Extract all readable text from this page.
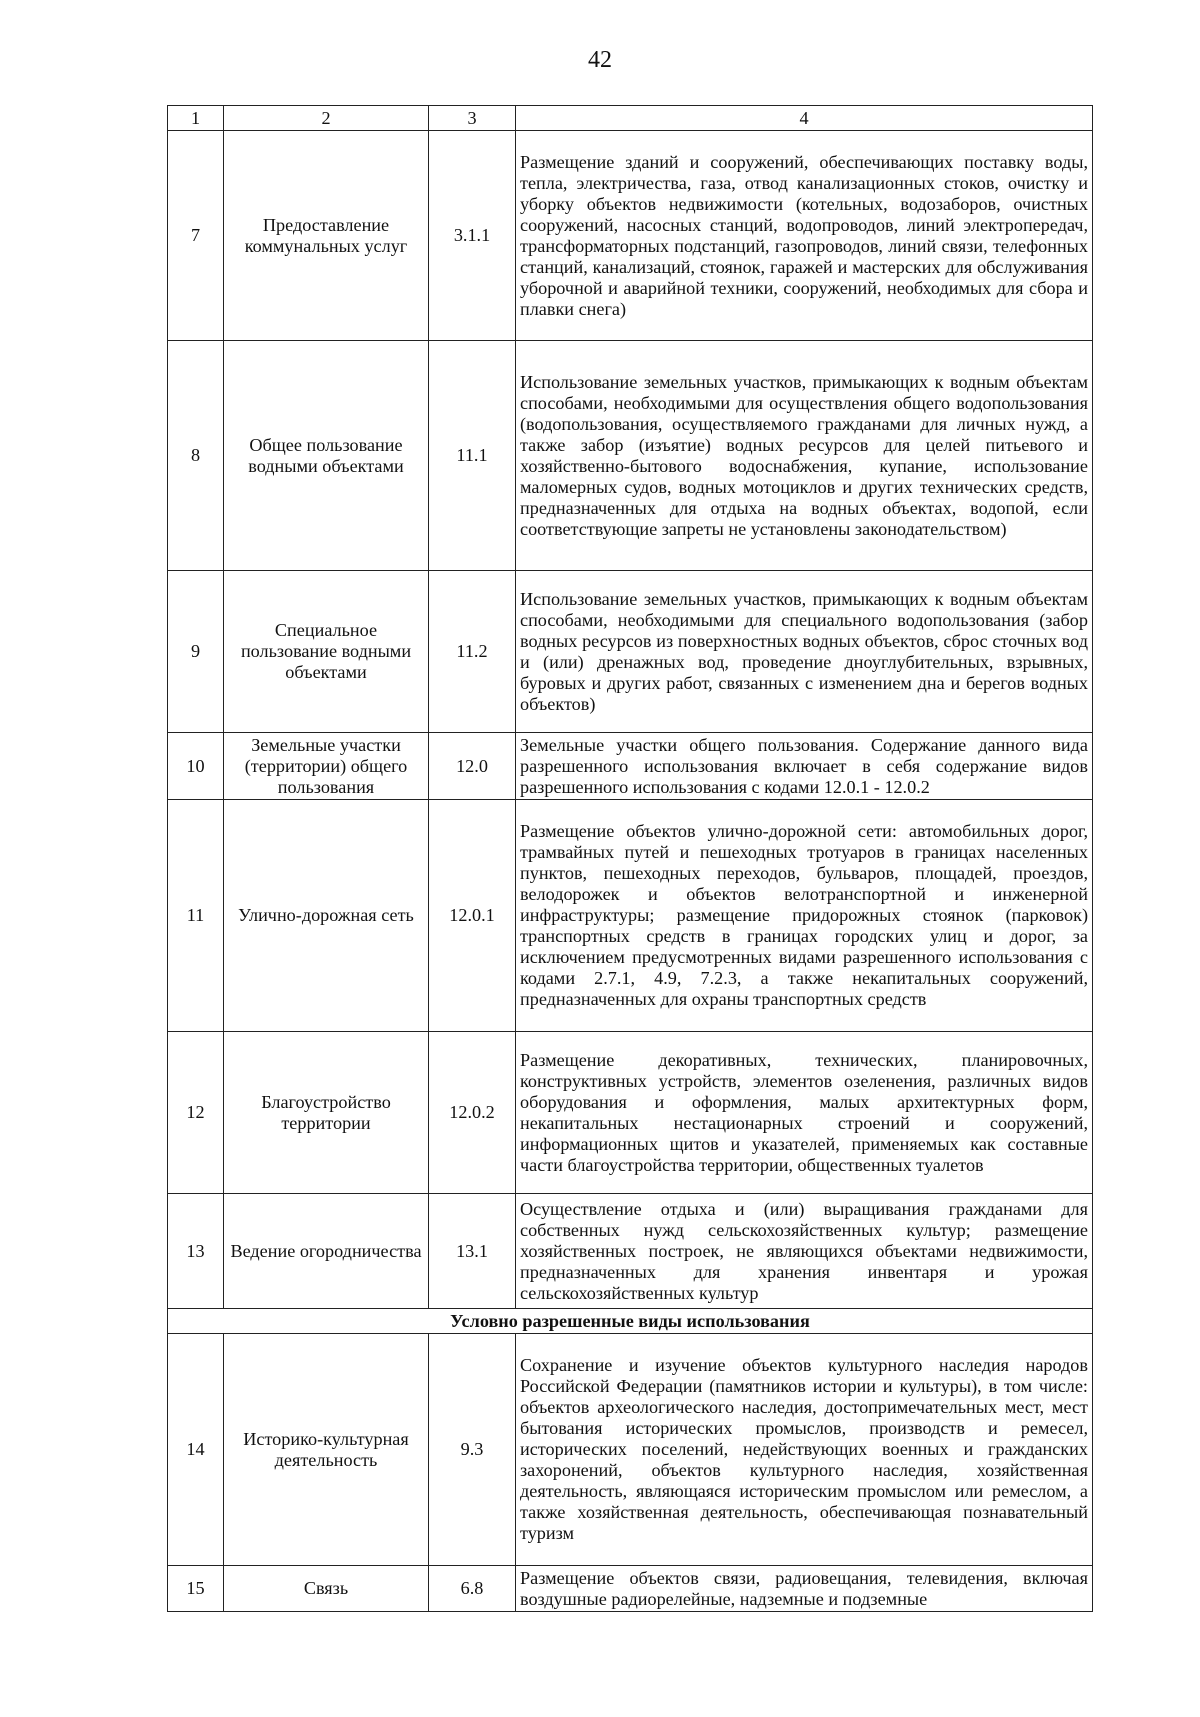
42
1	2	3	4
7	Предоставление коммунальных услуг	3.1.1	Размещение зданий и сооружений, обеспечивающих поставку воды, тепла, электричества, газа, отвод канализационных стоков, очистку и уборку объектов недвижимости (котельных, водозаборов, очистных сооружений, насосных станций, водопроводов, линий электропередач, трансформаторных подстанций, газопроводов, линий связи, телефонных станций, канализаций, стоянок, гаражей и мастерских для обслуживания уборочной и аварийной техники, сооружений, необходимых для сбора и плавки снега)
8	Общее пользование водными объектами	11.1	Использование земельных участков, примыкающих к водным объектам способами, необходимыми для осуществления общего водопользования (водопользования, осуществляемого гражданами для личных нужд, а также забор (изъятие) водных ресурсов для целей питьевого и хозяйственно-бытового водоснабжения, купание, использование маломерных судов, водных мотоциклов и других технических средств, предназначенных для отдыха на водных объектах, водопой, если соответствующие запреты не установлены законодательством)
9	Специальное пользование водными объектами	11.2	Использование земельных участков, примыкающих к водным объектам способами, необходимыми для специального водопользования (забор водных ресурсов из поверхностных водных объектов, сброс сточных вод и (или) дренажных вод, проведение дноуглубительных, взрывных, буровых и других работ, связанных с изменением дна и берегов водных объектов)
10	Земельные участки (территории) общего пользования	12.0	Земельные участки общего пользования. Содержание данного вида разрешенного использования включает в себя содержание видов разрешенного использования с кодами 12.0.1 - 12.0.2
11	Улично-дорожная сеть	12.0.1	Размещение объектов улично-дорожной сети: автомобильных дорог, трамвайных путей и пешеходных тротуаров в границах населенных пунктов, пешеходных переходов, бульваров, площадей, проездов, велодорожек и объектов велотранспортной и инженерной инфраструктуры; размещение придорожных стоянок (парковок) транспортных средств в границах городских улиц и дорог, за исключением предусмотренных видами разрешенного использования с кодами 2.7.1, 4.9, 7.2.3, а также некапитальных сооружений, предназначенных для охраны транспортных средств
12	Благоустройство территории	12.0.2	Размещение декоративных, технических, планировочных, конструктивных устройств, элементов озеленения, различных видов оборудования и оформления, малых архитектурных форм, некапитальных нестационарных строений и сооружений, информационных щитов и указателей, применяемых как составные части благоустройства территории, общественных туалетов
13	Ведение огородничества	13.1	Осуществление отдыха и (или) выращивания гражданами для собственных нужд сельскохозяйственных культур; размещение хозяйственных построек, не являющихся объектами недвижимости, предназначенных для хранения инвентаря и урожая сельскохозяйственных культур
Условно разрешенные виды использования			
14	Историко-культурная деятельность	9.3	Сохранение и изучение объектов культурного наследия народов Российской Федерации (памятников истории и культуры), в том числе: объектов археологического наследия, достопримечательных мест, мест бытования исторических промыслов, производств и ремесел, исторических поселений, недействующих военных и гражданских захоронений, объектов культурного наследия, хозяйственная деятельность, являющаяся историческим промыслом или ремеслом, а также хозяйственная деятельность, обеспечивающая познавательный туризм
15	Связь	6.8	Размещение объектов связи, радиовещания, телевидения, включая воздушные радиорелейные, надземные и подземные
